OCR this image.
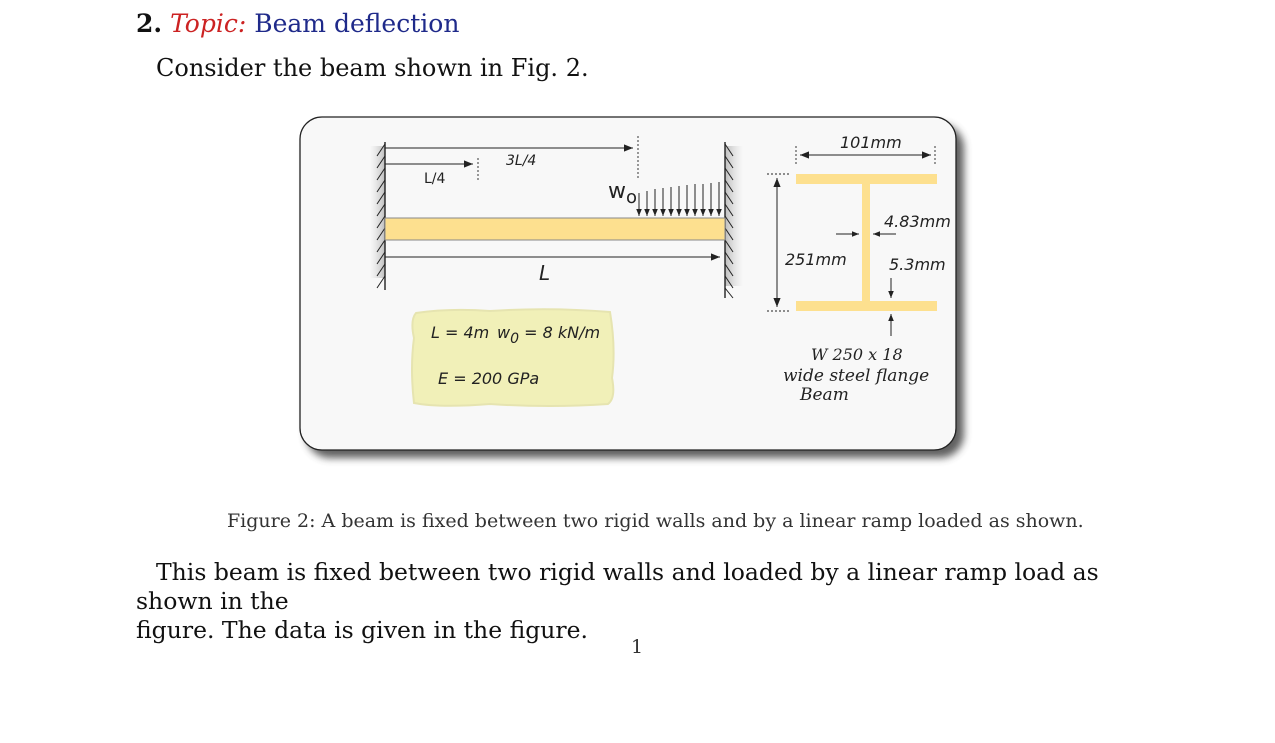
2. Topic: Beam deflection
Consider the beam shown in Fig. 2.
$w_o$
3L/4
L/4
L
L = 4m w0 = 8 kN/m
E = 200 GPa
101mm
251mm
4.83mm
5.3mm
W 250 x 18
wide steel flange
Beam
Figure 2: A beam is fixed between two rigid walls and by a linear ramp loaded as shown.
This beam is fixed between two rigid walls and loaded by a linear ramp load as shown in the
figure. The data is given in the figure.
1
